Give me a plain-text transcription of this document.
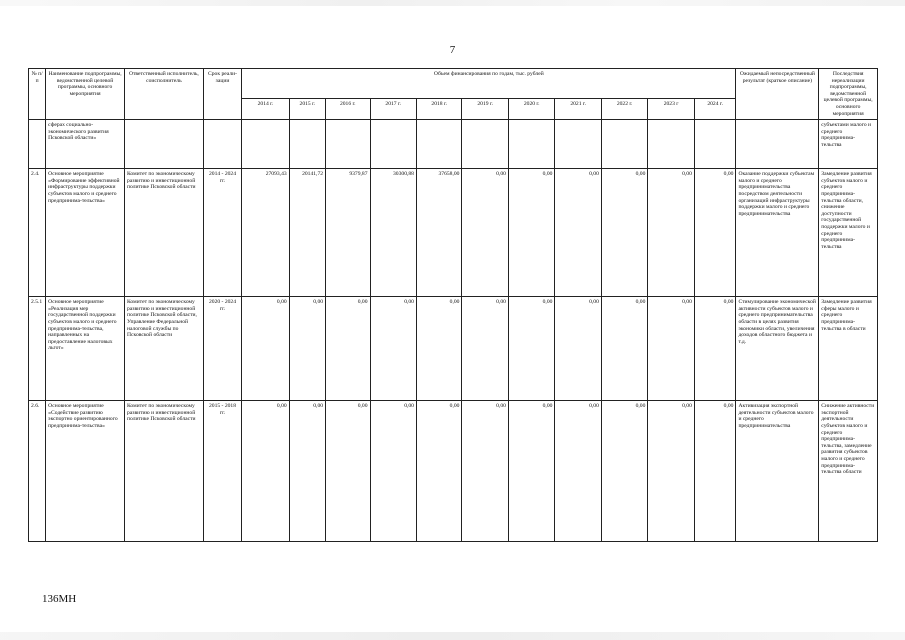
7
№ п/п	Наименование подпрограммы, ведомственной целевой программы, основного мероприятия	Ответственный исполнитель, соисполнитель	Срок реали-зации	Объем финансирования по годам, тыс. рублей											Ожидаемый непосредственный результат (краткое описание)	Последствия нереализации подпрограммы, ведомственной целевой программы, основного мероприятия
				2014 г.	2015 г.	2016 г.	2017 г.	2018 г.	2019 г.	2020 г.	2021 г.	2022 г.	2023 г	2024 г.		
	сферах социально-экономического развития Псковской области»															субъектами малого и среднего предпринима-тельства
2.4.	Основное мероприятие «Формирование эффективной инфраструктуры поддержки субъектов малого и среднего предпринима-тельства»	Комитет по экономическому развитию и инвестиционной политике Псковской области	2014 - 2024 гг.	27093,43	20141,72	9379,87	30300,88	37658,00	0,00	0,00	0,00	0,00	0,00	0,00	Оказание поддержки субъектам малого и среднего предпринимательства посредством деятельности организаций инфраструктуры поддержки малого и среднего предпринимательства	Замедление развития субъектов малого и среднего предпринима-тельства области, снижение доступности государственной поддержки малого и среднего предпринима-тельства
2.5.1	Основное мероприятие «Реализация мер государственной поддержки субъектов малого и среднего предпринима-тельства, направленных на предоставление налоговых льгот»	Комитет по экономическому развитию и инвестиционной политике Псковской области, Управление Федеральной налоговой службы по Псковской области	2020 - 2024 гг.	0,00	0,00	0,00	0,00	0,00	0,00	0,00	0,00	0,00	0,00	0,00	Стимулирование экономической активности субъектов малого и среднего предпринимательства области в целях развития экономики области, увеличения доходов областного бюджета и т.д.	Замедление развития сферы малого и среднего предпринима-тельства в области
2.6.	Основное мероприятие «Содействие развитию экспортно ориентированного предпринима-тельства»	Комитет по экономическому развитию и инвестиционной политике Псковской области	2015 - 2018 гг.	0,00	0,00	0,00	0,00	0,00	0,00	0,00	0,00	0,00	0,00	0,00	Активизация экспортной деятельности субъектов малого и среднего предпринимательства	Снижение активности экспортной деятельности субъектов малого и среднего предпринима-тельства, замедление развития субъектов малого и среднего предпринима-тельства области
136МН
